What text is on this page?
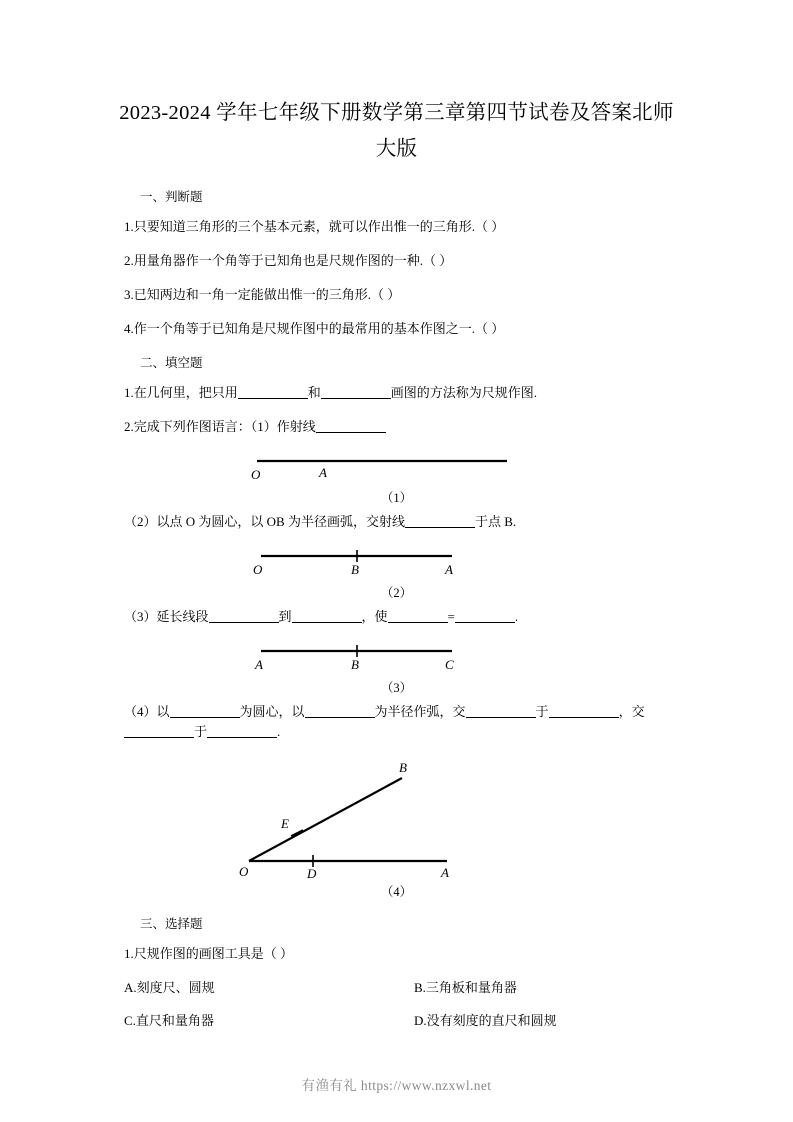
2023-2024 学年七年级下册数学第三章第四节试卷及答案北师大版
一、判断题
1.只要知道三角形的三个基本元素，就可以作出惟一的三角形.（ ）
2.用量角器作一个角等于已知角也是尺规作图的一种.（ ）
3.已知两边和一角一定能做出惟一的三角形.（ ）
4.作一个角等于已知角是尺规作图中的最常用的基本作图之一.（ ）
二、填空题
1.在几何里，把只用	和	画图的方法称为尺规作图.
2.完成下列作图语言：（1）作射线
O	A
（1）
（2）以点 O 为圆心，以 OB 为半径画弧，交射线	于点 B.
O	B	A
（2）
（3）延长线段	到	，使	=	.
A	B	C
（3）
（4）以	为圆心，以	为半径作弧，交	于	，交
于	.
O	D	A
E
B
（4）
三、选择题
1.尺规作图的画图工具是（ ）
A.刻度尺、圆规	B.三角板和量角器
C.直尺和量角器	D.没有刻度的直尺和圆规
有渔有礼 https://www.nzxwl.net
